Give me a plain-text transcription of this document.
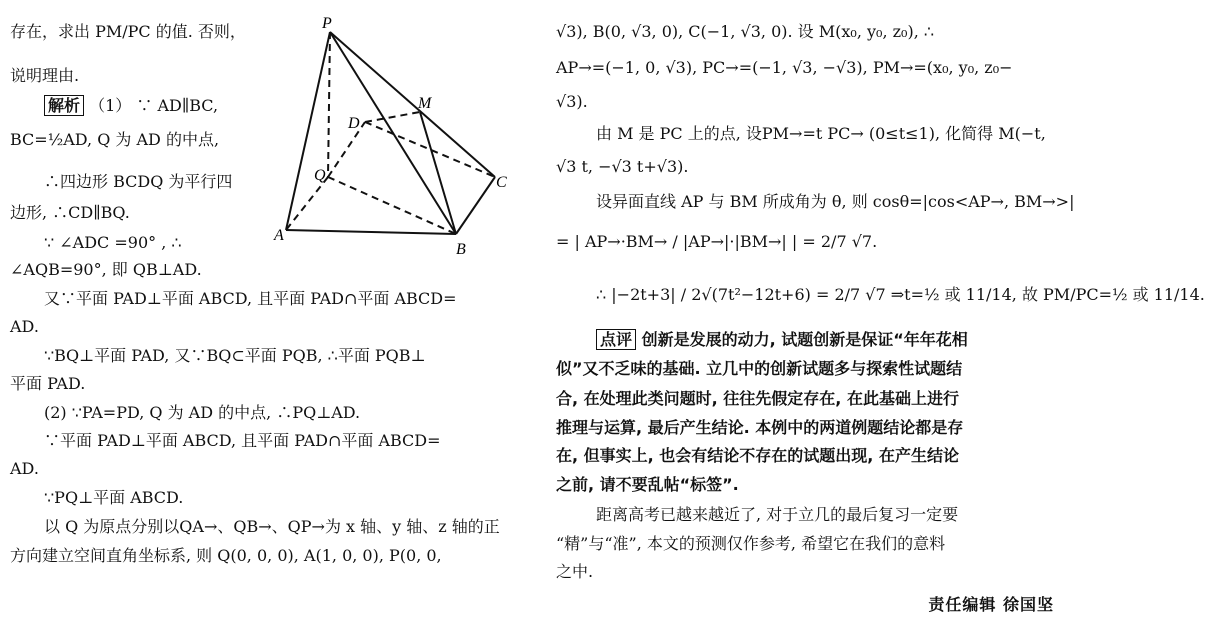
存在，求出 PM/PC 的值. 否则，
说明理由.
解析 （1） ∵ AD∥BC,
BC=½AD, Q 为 AD 的中点,
∴四边形 BCDQ 为平行四
边形, ∴CD∥BQ.
∵ ∠ADC =90° , ∴
∠AQB=90°, 即 QB⊥AD.
又∵平面 PAD⊥平面 ABCD, 且平面 PAD∩平面 ABCD=
AD.
∵BQ⊥平面 PAD, 又∵BQ⊂平面 PQB, ∴平面 PQB⊥
平面 PAD.
(2) ∵PA=PD, Q 为 AD 的中点, ∴PQ⊥AD.
∵平面 PAD⊥平面 ABCD, 且平面 PAD∩平面 ABCD=
AD.
∵PQ⊥平面 ABCD.
以 Q 为原点分别以QA→、QB→、QP→为 x 轴、y 轴、z 轴的正
方向建立空间直角坐标系, 则 Q(0, 0, 0), A(1, 0, 0), P(0, 0,
P
M
D
Q	C
A
B
√3), B(0, √3, 0), C(−1, √3, 0). 设 M(x₀, y₀, z₀), ∴
AP→=(−1, 0, √3), PC→=(−1, √3, −√3), PM→=(x₀, y₀, z₀−
√3).
由 M 是 PC 上的点, 设PM→=t PC→ (0≤t≤1), 化简得 M(−t,
√3 t, −√3 t+√3).
设异面直线 AP 与 BM 所成角为 θ, 则 cosθ=|cos<AP→, BM→>|
= | AP→·BM→ / |AP→|·|BM→| | = 2/7 √7.
∴ |−2t+3| / 2√(7t²−12t+6) = 2/7 √7 ⇒t=½ 或 11/14, 故 PM/PC=½ 或 11/14.
点评 创新是发展的动力, 试题创新是保证“年年花相
似”又不乏味的基础. 立几中的创新试题多与探索性试题结
合, 在处理此类问题时, 往往先假定存在, 在此基础上进行
推理与运算, 最后产生结论. 本例中的两道例题结论都是存
在, 但事实上, 也会有结论不存在的试题出现, 在产生结论
之前, 请不要乱帖“标签”.
距离高考已越来越近了, 对于立几的最后复习一定要
“精”与“准”, 本文的预测仅作参考, 希望它在我们的意料
之中.
责任编辑 徐国坚
